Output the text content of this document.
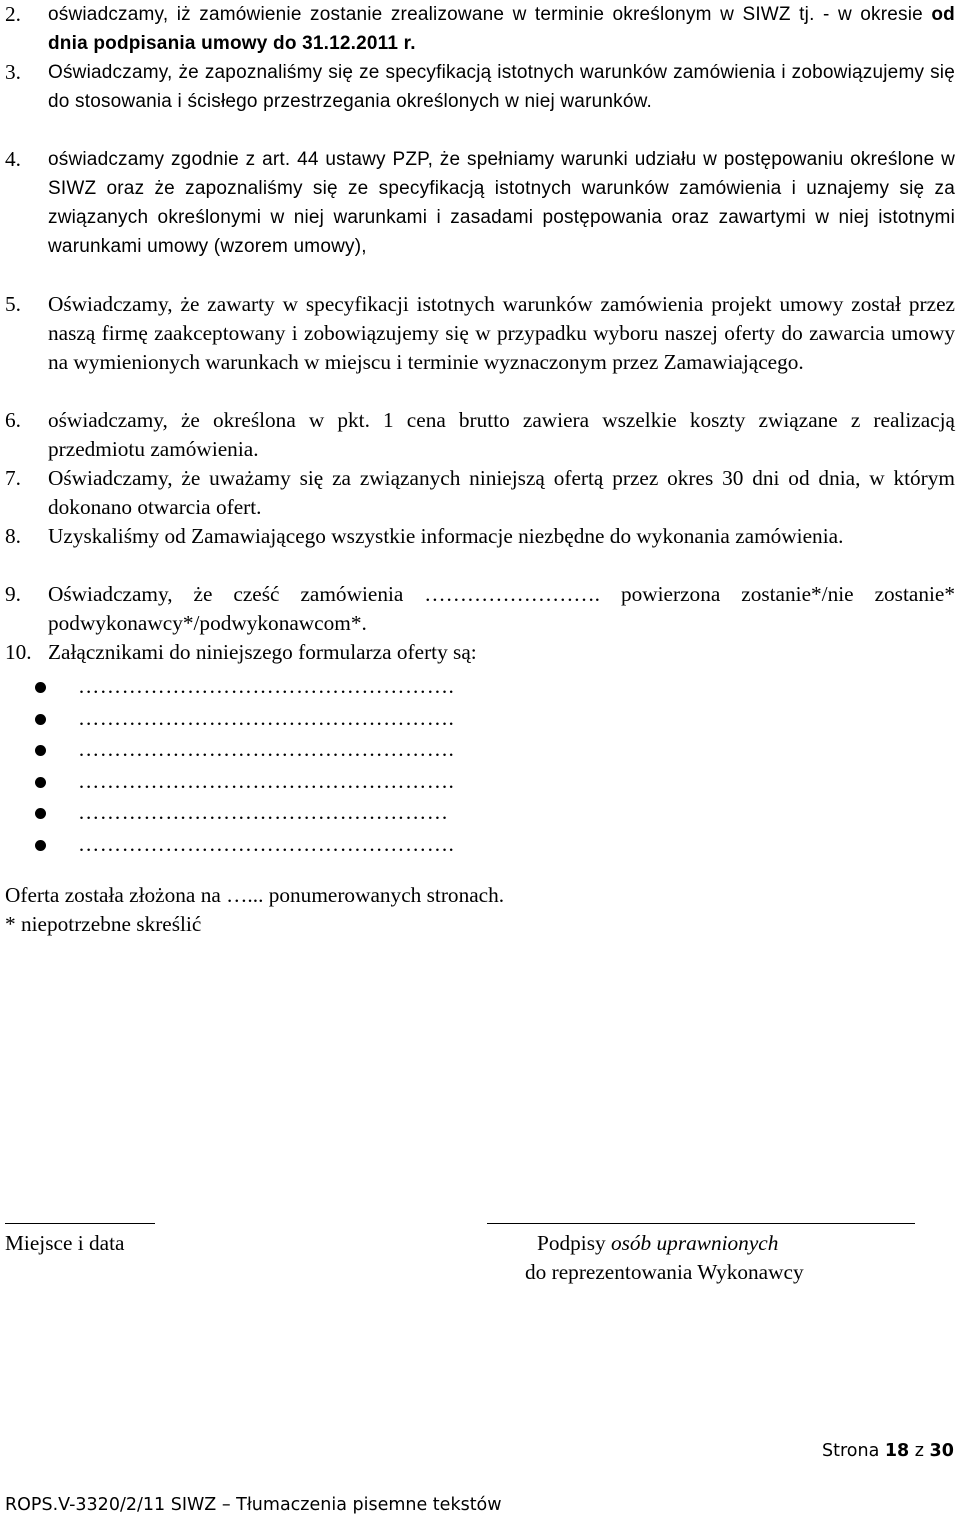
2.	oświadczamy, iż zamówienie zostanie zrealizowane w terminie określonym w SIWZ tj. - w okresie od dnia podpisania umowy do 31.12.2011 r.
3.	Oświadczamy, że zapoznaliśmy się ze specyfikacją istotnych warunków zamówienia i zobowiązujemy się do stosowania i ścisłego przestrzegania określonych w niej warunków.
4.	oświadczamy zgodnie z art. 44 ustawy PZP, że spełniamy warunki udziału w postępowaniu określone w SIWZ oraz że zapoznaliśmy się ze specyfikacją istotnych warunków zamówienia i uznajemy się za związanych określonymi w niej warunkami i zasadami postępowania oraz zawartymi w niej istotnymi warunkami umowy (wzorem umowy),
5.	Oświadczamy, że zawarty w specyfikacji istotnych warunków zamówienia projekt umowy został przez naszą firmę zaakceptowany i zobowiązujemy się w przypadku wyboru naszej oferty do zawarcia umowy na wymienionych warunkach w miejscu i terminie wyznaczonym przez Zamawiającego.
6.	oświadczamy, że określona w pkt. 1 cena brutto zawiera wszelkie koszty związane z realizacją przedmiotu zamówienia.
7.	Oświadczamy, że uważamy się za związanych niniejszą ofertą przez okres 30 dni od dnia, w którym dokonano otwarcia ofert.
8.	Uzyskaliśmy od Zamawiającego wszystkie informacje niezbędne do wykonania zamówienia.
9.	Oświadczamy, że cześć zamówienia ……………………. powierzona zostanie*/nie zostanie* podwykonawcy*/podwykonawcom*.
10. Załącznikami do niniejszego formularza oferty są:
…………………………………………….
…………………………………………….
…………………………………………….
…………………………………………….
……………………………………………
…………………………………………….
Oferta została złożona na …... ponumerowanych stronach.
* niepotrzebne skreślić
Miejsce i data	Podpisy osób uprawnionych
do reprezentowania Wykonawcy
Strona 18 z 30
ROPS.V-3320/2/11 SIWZ – Tłumaczenia pisemne tekstów
